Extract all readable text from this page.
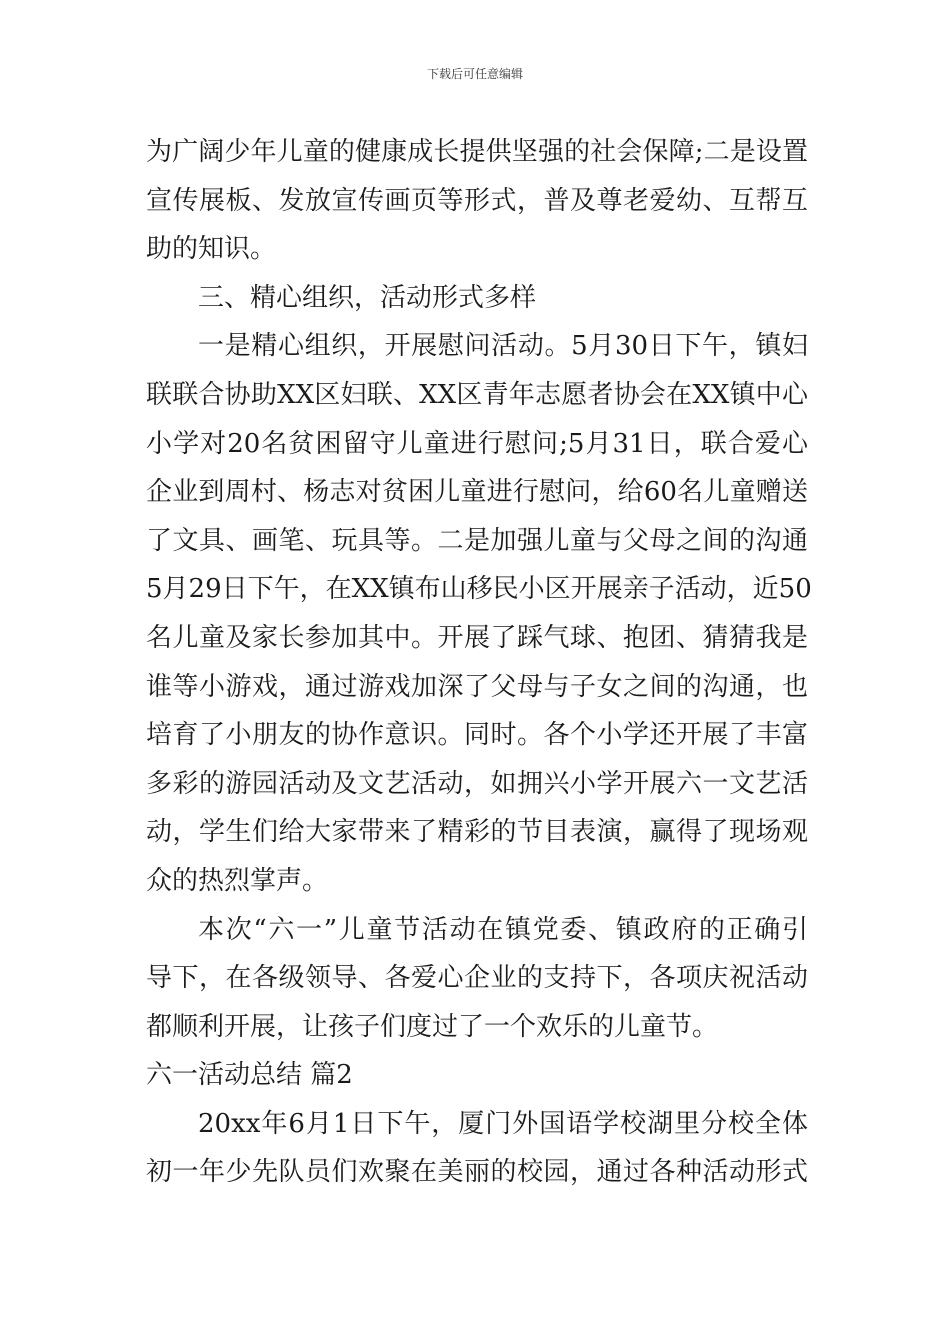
下载后可任意编辑
为广阔少年儿童的健康成长提供坚强的社会保障;二是设置
宣传展板、发放宣传画页等形式，普及尊老爱幼、互帮互
助的知识。
三、精心组织，活动形式多样
一是精心组织，开展慰问活动。5月30日下午，镇妇
联联合协助XX区妇联、XX区青年志愿者协会在XX镇中心
小学对20名贫困留守儿童进行慰问;5月31日，联合爱心
企业到周村、杨志对贫困儿童进行慰问，给60名儿童赠送
了文具、画笔、玩具等。二是加强儿童与父母之间的沟通
5月29日下午，在XX镇布山移民小区开展亲子活动，近50
名儿童及家长参加其中。开展了踩气球、抱团、猜猜我是
谁等小游戏，通过游戏加深了父母与子女之间的沟通，也
培育了小朋友的协作意识。同时。各个小学还开展了丰富
多彩的游园活动及文艺活动，如拥兴小学开展六一文艺活
动，学生们给大家带来了精彩的节目表演，赢得了现场观
众的热烈掌声。
本次“六一”儿童节活动在镇党委、镇政府的正确引
导下，在各级领导、各爱心企业的支持下，各项庆祝活动
都顺利开展，让孩子们度过了一个欢乐的儿童节。
六一活动总结 篇2
20xx年6月1日下午，厦门外国语学校湖里分校全体
初一年少先队员们欢聚在美丽的校园，通过各种活动形式
